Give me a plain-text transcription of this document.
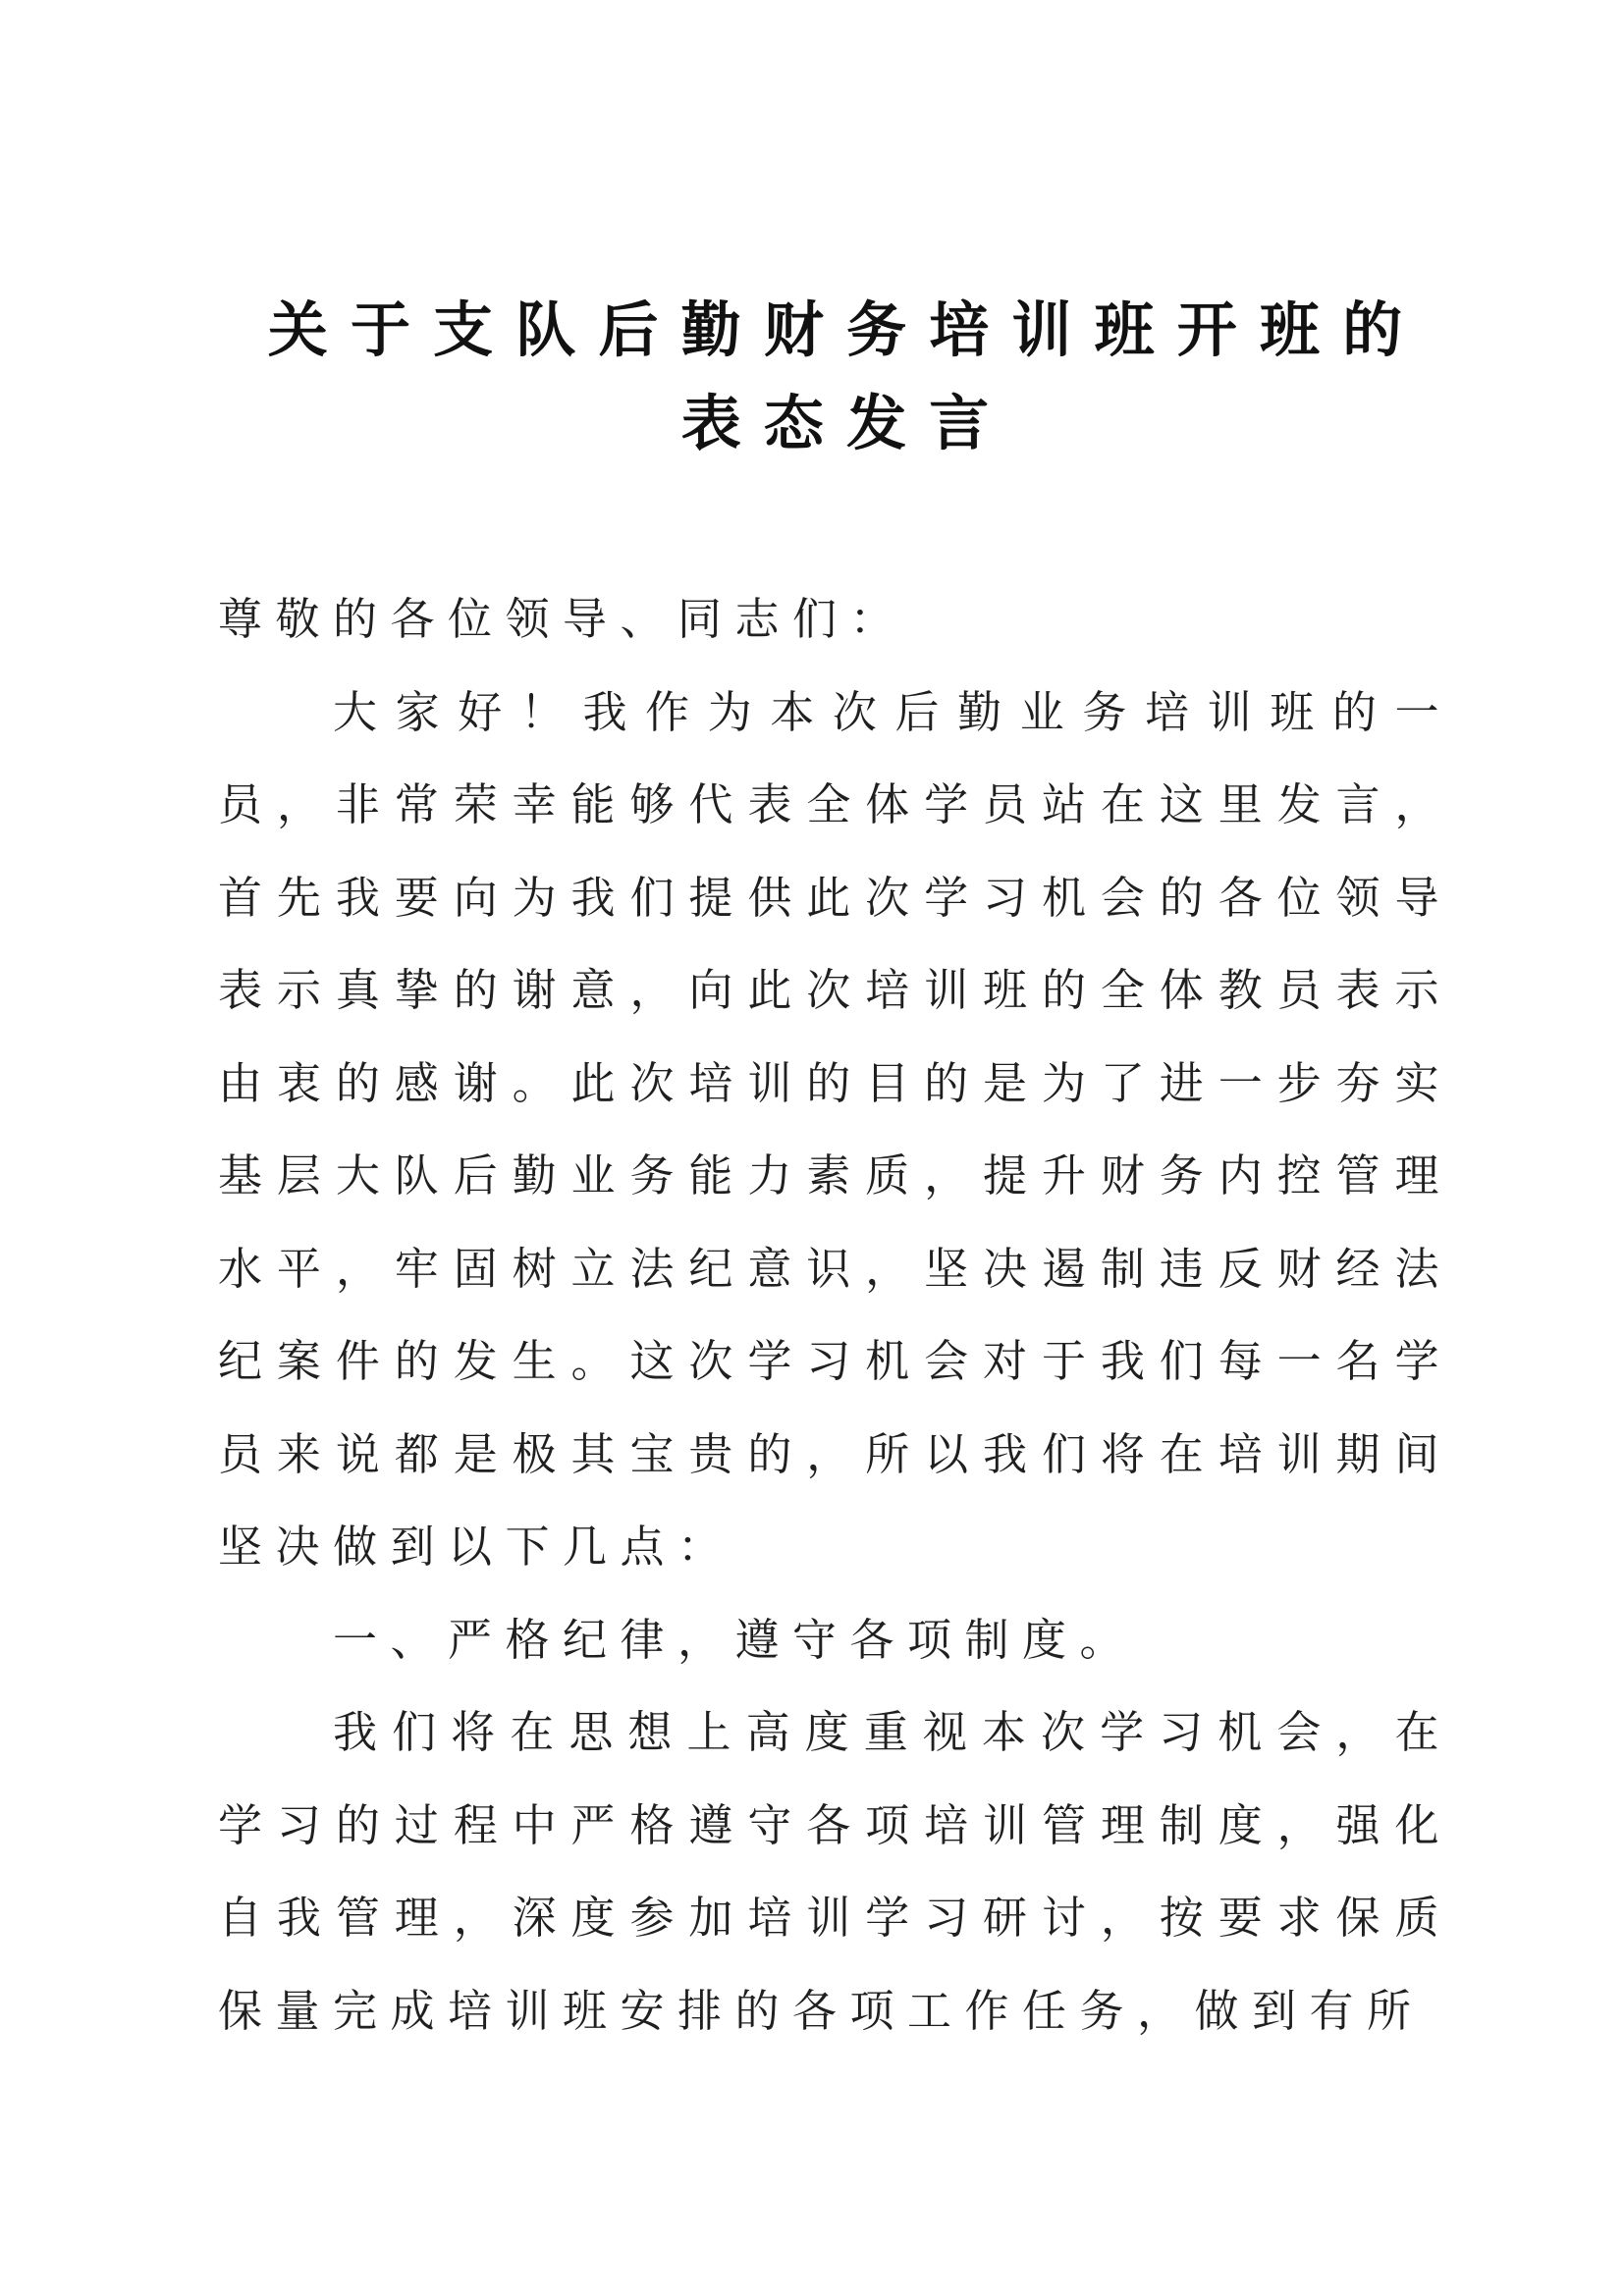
关于支队后勤财务培训班开班的
表态发言

尊敬的各位领导、同志们：

大家好！我作为本次后勤业务培训班的一员，非常荣幸能够代表全体学员站在这里发言，首先我要向为我们提供此次学习机会的各位领导表示真挚的谢意，向此次培训班的全体教员表示由衷的感谢。此次培训的目的是为了进一步夯实基层大队后勤业务能力素质，提升财务内控管理水平，牢固树立法纪意识，坚决遏制违反财经法纪案件的发生。这次学习机会对于我们每一名学员来说都是极其宝贵的，所以我们将在培训期间坚决做到以下几点：

一、严格纪律，遵守各项制度。

我们将在思想上高度重视本次学习机会，在学习的过程中严格遵守各项培训管理制度，强化自我管理，深度参加培训学习研讨，按要求保质保量完成培训班安排的各项工作任务，做到有所
